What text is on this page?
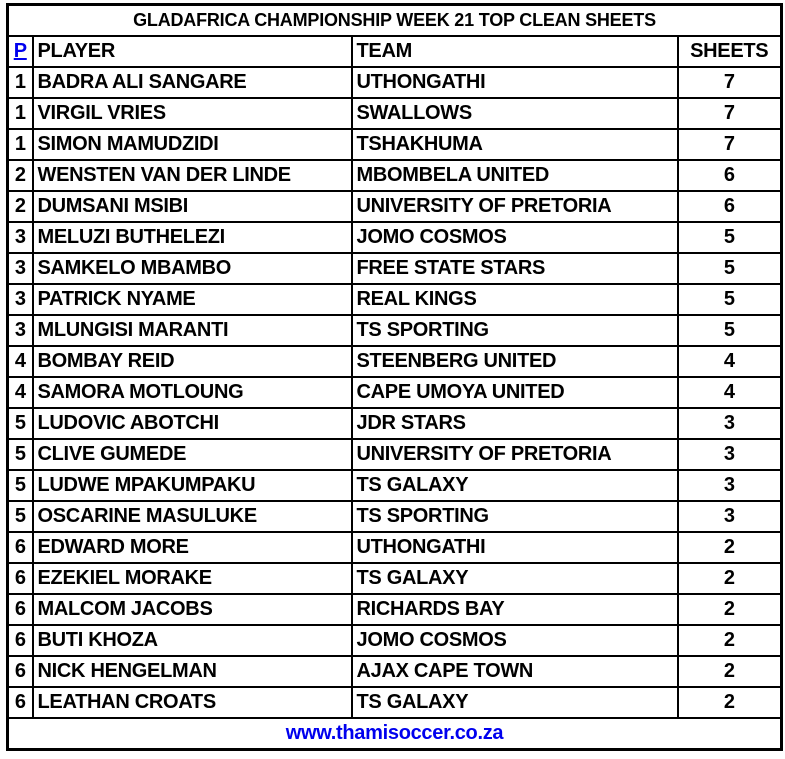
GLADAFRICA CHAMPIONSHIP WEEK 21 TOP CLEAN SHEETS			
P	PLAYER	TEAM	SHEETS
1	BADRA ALI SANGARE	UTHONGATHI	7
1	VIRGIL VRIES	SWALLOWS	7
1	SIMON MAMUDZIDI	TSHAKHUMA	7
2	WENSTEN VAN DER LINDE	MBOMBELA UNITED	6
2	DUMSANI MSIBI	UNIVERSITY OF PRETORIA	6
3	MELUZI BUTHELEZI	JOMO COSMOS	5
3	SAMKELO MBAMBO	FREE STATE STARS	5
3	PATRICK NYAME	REAL KINGS	5
3	MLUNGISI MARANTI	TS SPORTING	5
4	BOMBAY REID	STEENBERG UNITED	4
4	SAMORA MOTLOUNG	CAPE UMOYA UNITED	4
5	LUDOVIC ABOTCHI	JDR STARS	3
5	CLIVE GUMEDE	UNIVERSITY OF PRETORIA	3
5	LUDWE MPAKUMPAKU	TS GALAXY	3
5	OSCARINE MASULUKE	TS SPORTING	3
6	EDWARD MORE	UTHONGATHI	2
6	EZEKIEL MORAKE	TS GALAXY	2
6	MALCOM JACOBS	RICHARDS BAY	2
6	BUTI KHOZA	JOMO COSMOS	2
6	NICK HENGELMAN	AJAX CAPE TOWN	2
6	LEATHAN CROATS	TS GALAXY	2
www.thamisoccer.co.za			
